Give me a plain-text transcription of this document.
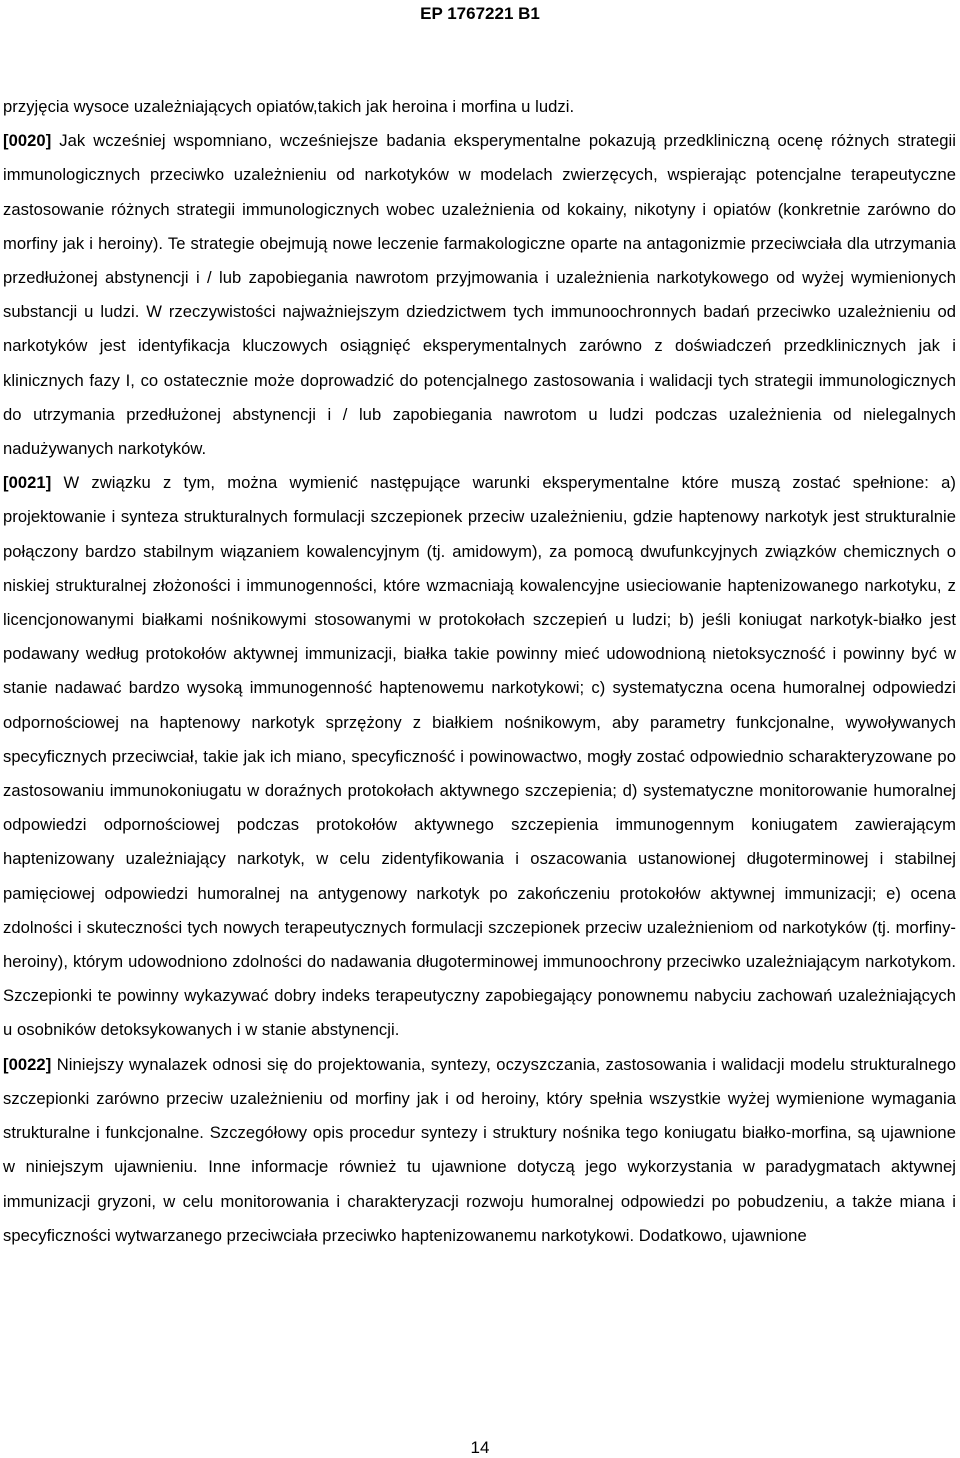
EP 1767221 B1

przyjęcia wysoce uzależniających opiatów,takich jak heroina i morfina u ludzi.

[0020] Jak wcześniej wspomniano, wcześniejsze badania eksperymentalne pokazują przedkliniczną ocenę różnych strategii immunologicznych przeciwko uzależnieniu od narkotyków w modelach zwierzęcych, wspierając potencjalne terapeutyczne zastosowanie różnych strategii immunologicznych wobec uzależnienia od kokainy, nikotyny i opiatów (konkretnie zarówno do morfiny jak i heroiny). Te strategie obejmują nowe leczenie farmakologiczne oparte na antagonizmie przeciwciała dla utrzymania przedłużonej abstynencji i / lub zapobiegania nawrotom przyjmowania i uzależnienia narkotykowego od wyżej wymienionych substancji u ludzi. W rzeczywistości najważniejszym dziedzictwem tych immunoochronnych badań przeciwko uzależnieniu od narkotyków jest identyfikacja kluczowych osiągnięć eksperymentalnych zarówno z doświadczeń przedklinicznych jak i klinicznych fazy I, co ostatecznie może doprowadzić do potencjalnego zastosowania i walidacji tych strategii immunologicznych do utrzymania przedłużonej abstynencji i / lub zapobiegania nawrotom u ludzi podczas uzależnienia od nielegalnych nadużywanych narkotyków.

[0021] W związku z tym, można wymienić następujące warunki eksperymentalne które muszą zostać spełnione: a) projektowanie i synteza strukturalnych formulacji szczepionek przeciw uzależnieniu, gdzie haptenowy narkotyk jest strukturalnie połączony bardzo stabilnym wiązaniem kowalencyjnym (tj. amidowym), za pomocą dwufunkcyjnych związków chemicznych o niskiej strukturalnej złożoności i immunogenności, które wzmacniają kowalencyjne usieciowanie haptenizowanego narkotyku, z licencjonowanymi białkami nośnikowymi stosowanymi w protokołach szczepień u ludzi; b) jeśli koniugat narkotyk-białko jest podawany według protokołów aktywnej immunizacji, białka takie powinny mieć udowodnioną nietoksyczność i powinny być w stanie nadawać bardzo wysoką immunogenność haptenowemu narkotykowi; c) systematyczna ocena humoralnej odpowiedzi odpornościowej na haptenowy narkotyk sprzężony z białkiem nośnikowym, aby parametry funkcjonalne, wywoływanych specyficznych przeciwciał, takie jak ich miano, specyficzność i powinowactwo, mogły zostać odpowiednio scharakteryzowane po zastosowaniu immunokoniugatu w doraźnych protokołach aktywnego szczepienia; d) systematyczne monitorowanie humoralnej odpowiedzi odpornościowej podczas protokołów aktywnego szczepienia immunogennym koniugatem zawierającym haptenizowany uzależniający narkotyk, w celu zidentyfikowania i oszacowania ustanowionej długoterminowej i stabilnej pamięciowej odpowiedzi humoralnej na antygenowy narkotyk po zakończeniu protokołów aktywnej immunizacji; e) ocena zdolności i skuteczności tych nowych terapeutycznych formulacji szczepionek przeciw uzależnieniom od narkotyków (tj. morfiny-heroiny), którym udowodniono zdolności do nadawania długoterminowej immunoochrony przeciwko uzależniającym narkotykom. Szczepionki te powinny wykazywać dobry indeks terapeutyczny zapobiegający ponownemu nabyciu zachowań uzależniających u osobników detoksykowanych i w stanie abstynencji.

[0022] Niniejszy wynalazek odnosi się do projektowania, syntezy, oczyszczania, zastosowania i walidacji modelu strukturalnego szczepionki zarówno przeciw uzależnieniu od morfiny jak i od heroiny, który spełnia wszystkie wyżej wymienione wymagania strukturalne i funkcjonalne. Szczegółowy opis procedur syntezy i struktury nośnika tego koniugatu białko-morfina, są ujawnione w niniejszym ujawnieniu. Inne informacje również tu ujawnione dotyczą jego wykorzystania w paradygmatach aktywnej immunizacji gryzoni, w celu monitorowania i charakteryzacji rozwoju humoralnej odpowiedzi po pobudzeniu, a także miana i specyficzności wytwarzanego przeciwciała przeciwko haptenizowanemu narkotykowi. Dodatkowo, ujawnione

14
